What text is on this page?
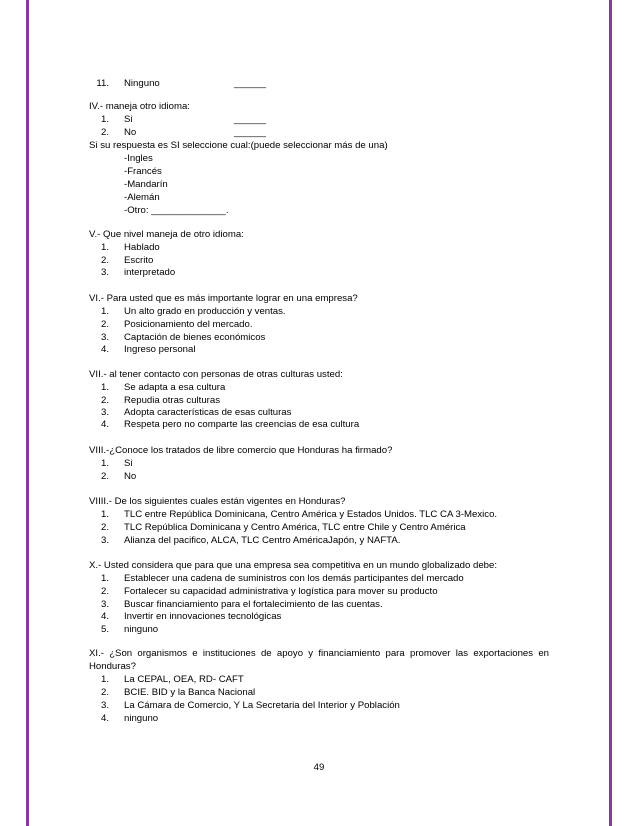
11. Ninguno	______
IV.- maneja otro idioma:
1. Si	______
2. No	______
Si su respuesta es SI seleccione cual:(puede seleccionar más de una)
-Ingles
-Francés
-Mandarín
-Alemán
-Otro: ______________.
V.- Que nivel maneja de otro idioma:
1. Hablado
2. Escrito
3. interpretado
VI.- Para usted que es más importante lograr en una empresa?
1. Un alto grado en producción y ventas.
2. Posicionamiento del mercado.
3. Captación de bienes económicos
4. Ingreso personal
VII.- al tener contacto con personas de otras culturas usted:
1. Se adapta a esa cultura
2. Repudia otras culturas
3. Adopta características de esas culturas
4. Respeta pero no comparte las creencias de esa cultura
VIII.-¿Conoce los tratados de libre comercio que Honduras ha firmado?
1. Si
2. No
VIIII.- De los siguientes cuales están vigentes en Honduras?
1. TLC entre República Dominicana, Centro América y Estados Unidos. TLC CA 3-Mexico.
2. TLC República Dominicana y Centro América, TLC entre Chile y Centro América
3. Alianza del pacifico, ALCA, TLC Centro AméricaJapón, y NAFTA.
X.- Usted considera que para que una empresa sea competitiva en un mundo globalizado debe:
1. Establecer una cadena de suministros con los demás participantes del mercado
2. Fortalecer su capacidad administrativa y logística para mover su producto
3. Buscar financiamiento para el fortalecimiento de las cuentas.
4. Invertir en innovaciones tecnológicas
5. ninguno
XI.- ¿Son organismos e instituciones de apoyo y financiamiento para promover las exportaciones en
Honduras?
1. La CEPAL, OEA, RD- CAFT
2. BCIE. BID y la Banca Nacional
3. La Cámara de Comercio, Y La Secretaria del Interior y Población
4. ninguno
49
